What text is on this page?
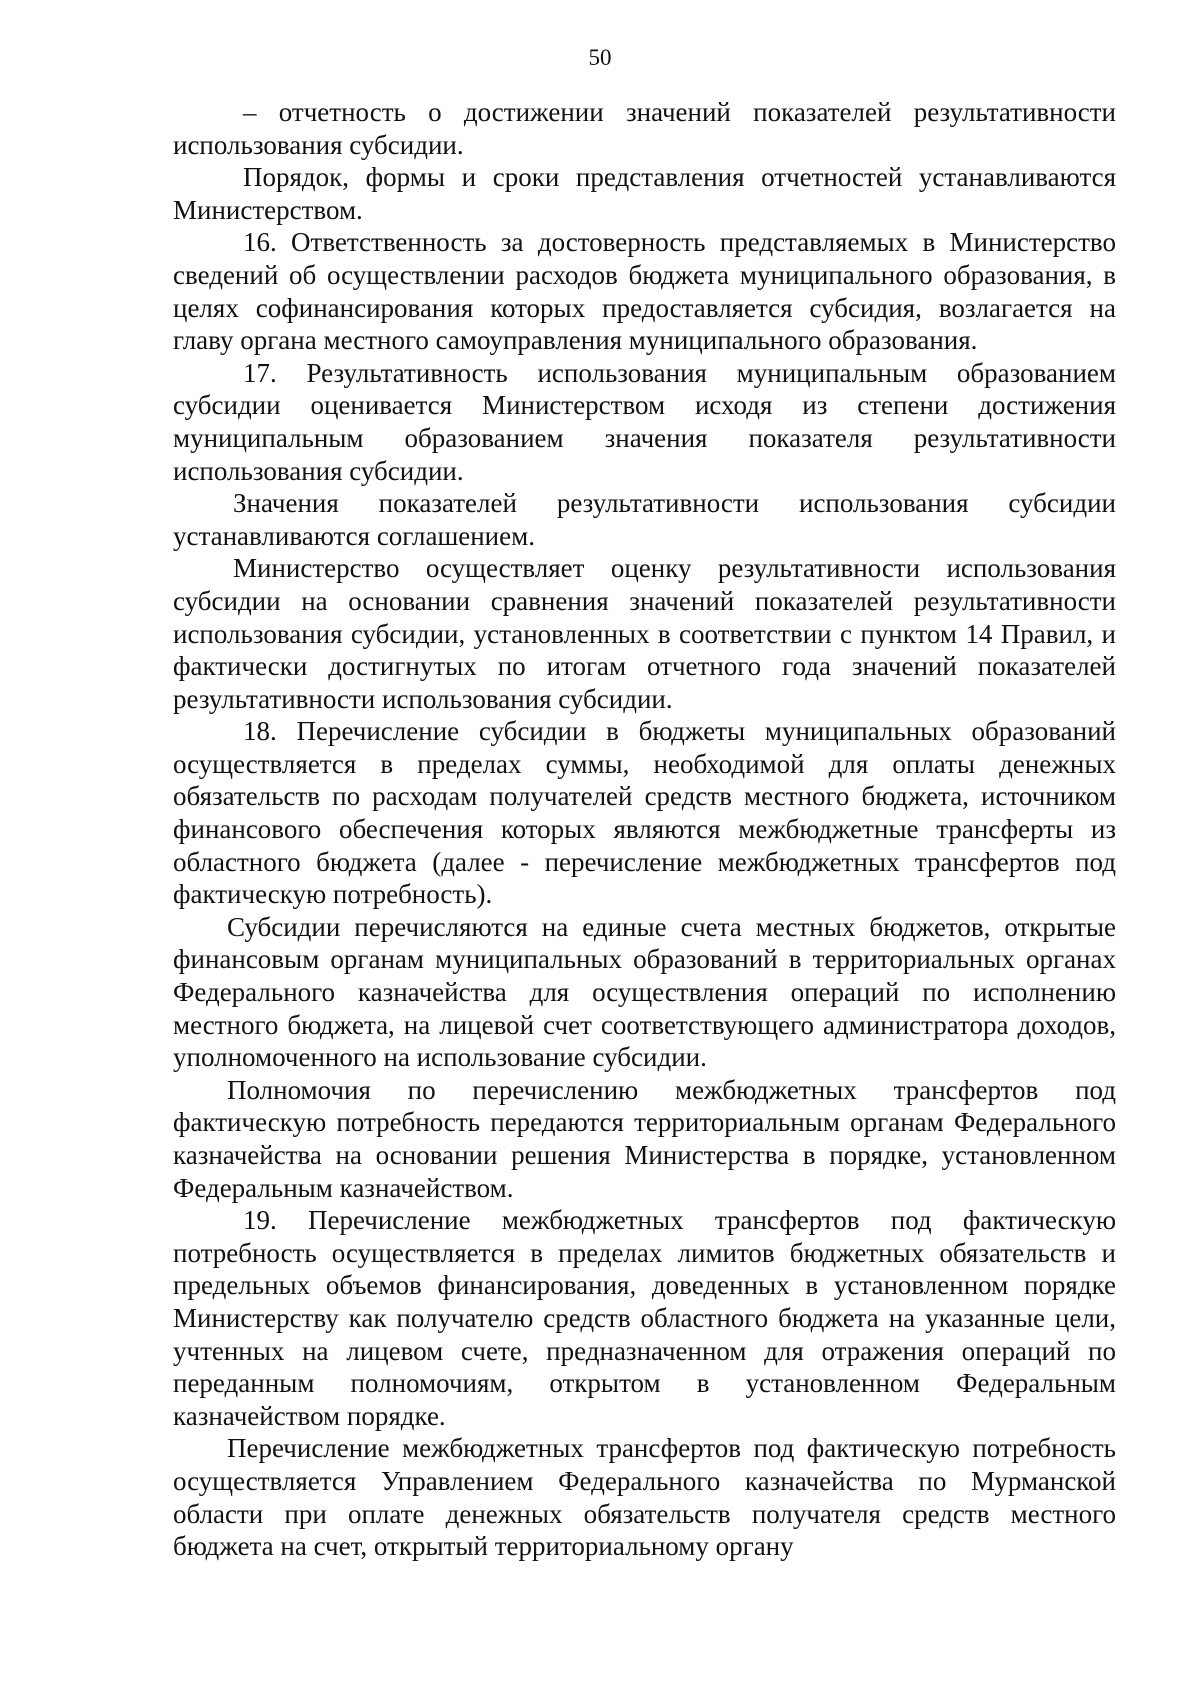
50

– отчетность о достижении значений показателей результативности использования субсидии.

Порядок, формы и сроки представления отчетностей устанавливаются Министерством.

16. Ответственность за достоверность представляемых в Министерство сведений об осуществлении расходов бюджета муниципального образования, в целях софинансирования которых предоставляется субсидия, возлагается на главу органа местного самоуправления муниципального образования.

17. Результативность использования муниципальным образованием субсидии оценивается Министерством исходя из степени достижения муниципальным образованием значения показателя результативности использования субсидии.

Значения показателей результативности использования субсидии устанавливаются соглашением.

Министерство осуществляет оценку результативности использования субсидии на основании сравнения значений показателей результативности использования субсидии, установленных в соответствии с пунктом 14 Правил, и фактически достигнутых по итогам отчетного года значений показателей результативности использования субсидии.

18. Перечисление субсидии в бюджеты муниципальных образований осуществляется в пределах суммы, необходимой для оплаты денежных обязательств по расходам получателей средств местного бюджета, источником финансового обеспечения которых являются межбюджетные трансферты из областного бюджета (далее - перечисление межбюджетных трансфертов под фактическую потребность).

Субсидии перечисляются на единые счета местных бюджетов, открытые финансовым органам муниципальных образований в территориальных органах Федерального казначейства для осуществления операций по исполнению местного бюджета, на лицевой счет соответствующего администратора доходов, уполномоченного на использование субсидии.

Полномочия по перечислению межбюджетных трансфертов под фактическую потребность передаются территориальным органам Федерального казначейства на основании решения Министерства в порядке, установленном Федеральным казначейством.

19. Перечисление межбюджетных трансфертов под фактическую потребность осуществляется в пределах лимитов бюджетных обязательств и предельных объемов финансирования, доведенных в установленном порядке Министерству как получателю средств областного бюджета на указанные цели, учтенных на лицевом счете, предназначенном для отражения операций по переданным полномочиям, открытом в установленном Федеральным казначейством порядке.

Перечисление межбюджетных трансфертов под фактическую потребность осуществляется Управлением Федерального казначейства по Мурманской области при оплате денежных обязательств получателя средств местного бюджета на счет, открытый территориальному органу
